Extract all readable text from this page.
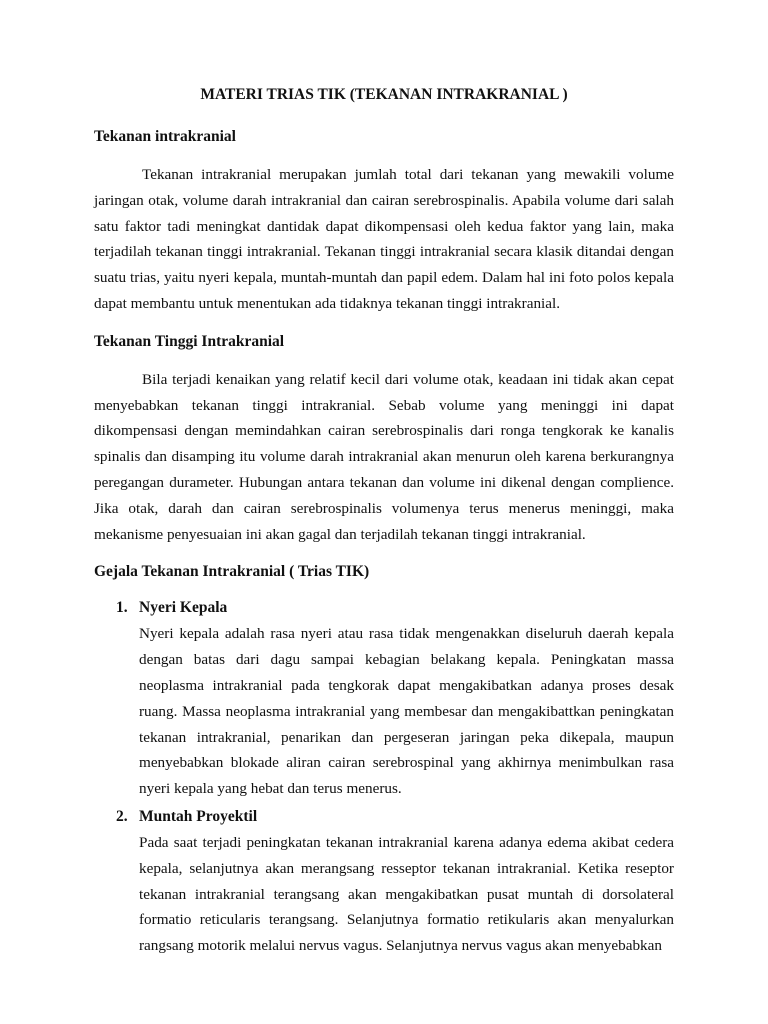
MATERI TRIAS TIK (TEKANAN INTRAKRANIAL )
Tekanan intrakranial

Tekanan intrakranial merupakan jumlah total dari tekanan yang mewakili volume jaringan otak, volume darah intrakranial dan cairan serebrospinalis. Apabila volume dari salah satu faktor tadi meningkat dantidak dapat dikompensasi oleh kedua faktor yang lain, maka terjadilah tekanan tinggi intrakranial. Tekanan tinggi intrakranial secara klasik ditandai dengan suatu trias, yaitu nyeri kepala, muntah-muntah dan papil edem. Dalam hal ini foto polos kepala dapat membantu untuk menentukan ada tidaknya tekanan tinggi intrakranial.

Tekanan Tinggi Intrakranial

Bila terjadi kenaikan yang relatif kecil dari volume otak, keadaan ini tidak akan cepat menyebabkan tekanan tinggi intrakranial. Sebab volume yang meninggi ini dapat dikompensasi dengan memindahkan cairan serebrospinalis dari ronga tengkorak ke kanalis spinalis dan disamping itu volume darah intrakranial akan menurun oleh karena berkurangnya peregangan durameter. Hubungan antara tekanan dan volume ini dikenal dengan complience. Jika otak, darah dan cairan serebrospinalis volumenya terus menerus meninggi, maka mekanisme penyesuaian ini akan gagal dan terjadilah tekanan tinggi intrakranial.

Gejala Tekanan Intrakranial ( Trias TIK)
1. Nyeri Kepala
Nyeri kepala adalah rasa nyeri atau rasa tidak mengenakkan diseluruh daerah kepala dengan batas dari dagu sampai kebagian belakang kepala. Peningkatan massa neoplasma intrakranial pada tengkorak dapat mengakibatkan adanya proses desak ruang. Massa neoplasma intrakranial yang membesar dan mengakibattkan peningkatan tekanan intrakranial, penarikan dan pergeseran jaringan peka dikepala, maupun menyebabkan blokade aliran cairan serebrospinal yang akhirnya menimbulkan rasa nyeri kepala yang hebat dan terus menerus.
2. Muntah Proyektil
Pada saat terjadi peningkatan tekanan intrakranial karena adanya edema akibat cedera kepala, selanjutnya akan merangsang resseptor tekanan intrakranial. Ketika reseptor tekanan intrakranial terangsang akan mengakibatkan pusat muntah di dorsolateral formatio reticularis terangsang. Selanjutnya formatio retikularis akan menyalurkan rangsang motorik melalui nervus vagus. Selanjutnya nervus vagus akan menyebabkan
